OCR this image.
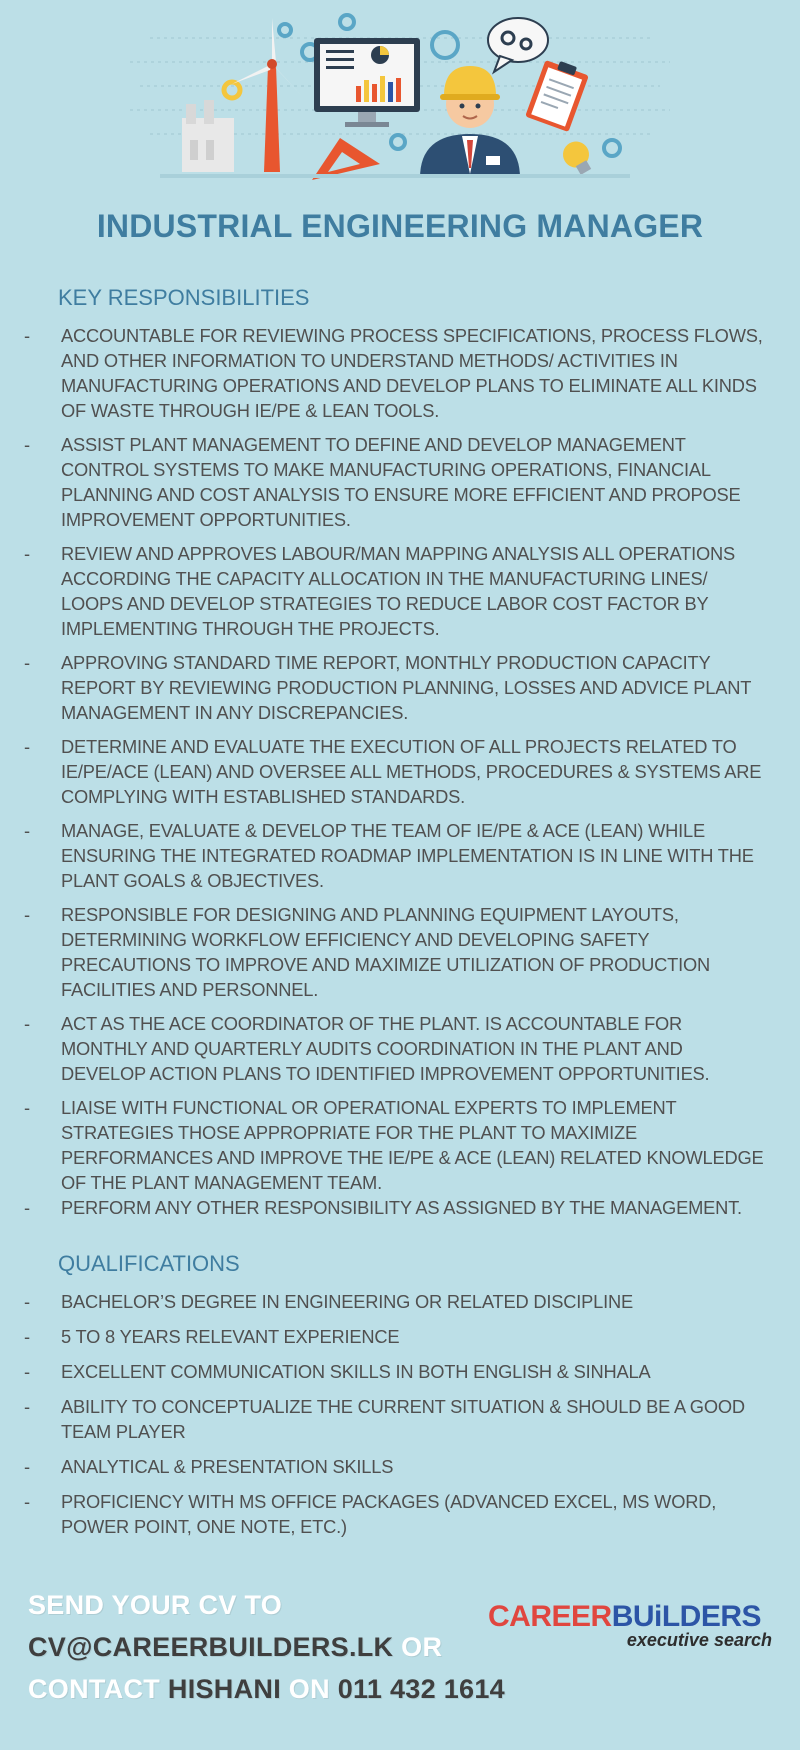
INDUSTRIAL ENGINEERING MANAGER
KEY RESPONSIBILITIES
- ACCOUNTABLE FOR REVIEWING PROCESS SPECIFICATIONS, PROCESS FLOWS, AND OTHER INFORMATION TO UNDERSTAND METHODS/ ACTIVITIES IN MANUFACTURING OPERATIONS AND DEVELOP PLANS TO ELIMINATE ALL KINDS OF WASTE THROUGH IE/PE & LEAN TOOLS.
- ASSIST PLANT MANAGEMENT TO DEFINE AND DEVELOP MANAGEMENT CONTROL SYSTEMS TO MAKE MANUFACTURING OPERATIONS, FINANCIAL PLANNING AND COST ANALYSIS TO ENSURE MORE EFFICIENT AND PROPOSE IMPROVEMENT OPPORTUNITIES.
- REVIEW AND APPROVES LABOUR/MAN MAPPING ANALYSIS ALL OPERATIONS ACCORDING THE CAPACITY ALLOCATION IN THE MANUFACTURING LINES/ LOOPS AND DEVELOP STRATEGIES TO REDUCE LABOR COST FACTOR BY IMPLEMENTING THROUGH THE PROJECTS.
- APPROVING STANDARD TIME REPORT, MONTHLY PRODUCTION CAPACITY REPORT BY REVIEWING PRODUCTION PLANNING, LOSSES AND ADVICE PLANT MANAGEMENT IN ANY DISCREPANCIES.
- DETERMINE AND EVALUATE THE EXECUTION OF ALL PROJECTS RELATED TO IE/PE/ACE (LEAN) AND OVERSEE ALL METHODS, PROCEDURES & SYSTEMS ARE COMPLYING WITH ESTABLISHED STANDARDS.
- MANAGE, EVALUATE & DEVELOP THE TEAM OF IE/PE & ACE (LEAN) WHILE ENSURING THE INTEGRATED ROADMAP IMPLEMENTATION IS IN LINE WITH THE PLANT GOALS & OBJECTIVES.
- RESPONSIBLE FOR DESIGNING AND PLANNING EQUIPMENT LAYOUTS, DETERMINING WORKFLOW EFFICIENCY AND DEVELOPING SAFETY PRECAUTIONS TO IMPROVE AND MAXIMIZE UTILIZATION OF PRODUCTION FACILITIES AND PERSONNEL.
- ACT AS THE ACE COORDINATOR OF THE PLANT. IS ACCOUNTABLE FOR MONTHLY AND QUARTERLY AUDITS COORDINATION IN THE PLANT AND DEVELOP ACTION PLANS TO IDENTIFIED IMPROVEMENT OPPORTUNITIES.
- LIAISE WITH FUNCTIONAL OR OPERATIONAL EXPERTS TO IMPLEMENT STRATEGIES THOSE APPROPRIATE FOR THE PLANT TO MAXIMIZE PERFORMANCES AND IMPROVE THE IE/PE & ACE (LEAN) RELATED KNOWLEDGE OF THE PLANT MANAGEMENT TEAM.
- PERFORM ANY OTHER RESPONSIBILITY AS ASSIGNED BY THE MANAGEMENT.
QUALIFICATIONS
- BACHELOR’S DEGREE IN ENGINEERING OR RELATED DISCIPLINE
- 5 TO 8 YEARS RELEVANT EXPERIENCE
- EXCELLENT COMMUNICATION SKILLS IN BOTH ENGLISH & SINHALA
- ABILITY TO CONCEPTUALIZE THE CURRENT SITUATION & SHOULD BE A GOOD TEAM PLAYER
- ANALYTICAL & PRESENTATION SKILLS
- PROFICIENCY WITH MS OFFICE PACKAGES (ADVANCED EXCEL, MS WORD, POWER POINT, ONE NOTE, ETC.)
SEND YOUR CV TO
CV@CAREERBUILDERS.LK OR
CONTACT HISHANI ON 011 432 1614
CAREERBUiLDERS
executive search
